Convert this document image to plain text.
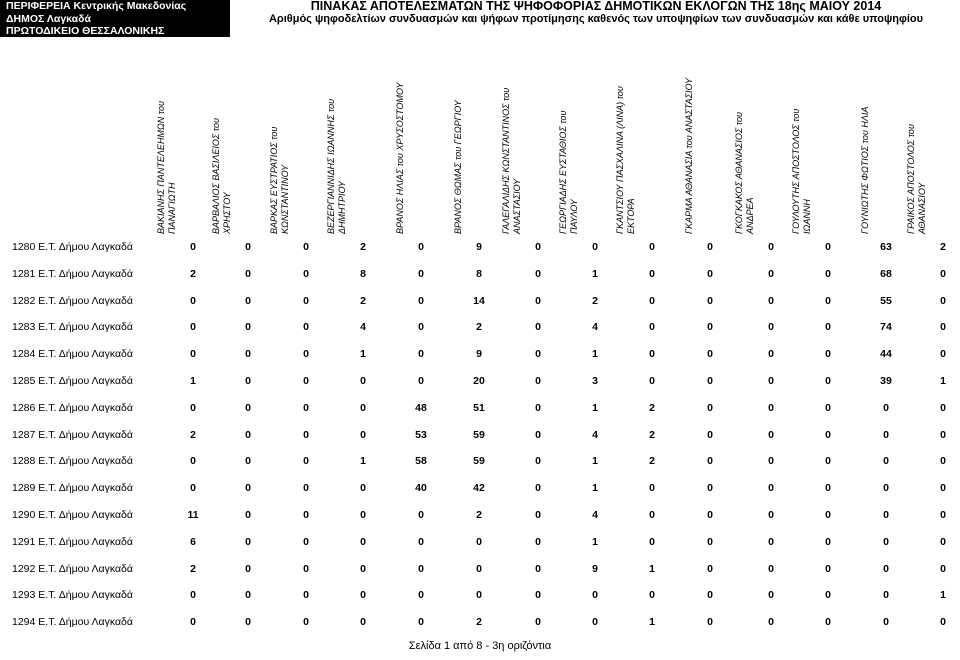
ΠΕΡΙΦΕΡΕΙΑ Κεντρικής Μακεδονίας
ΔΗΜΟΣ Λαγκαδά
ΠΡΩΤΟΔΙΚΕΙΟ ΘΕΣΣΑΛΟΝΙΚΗΣ
ΠΙΝΑΚΑΣ ΑΠΟΤΕΛΕΣΜΑΤΩΝ ΤΗΣ ΨΗΦΟΦΟΡΙΑΣ ΔΗΜΟΤΙΚΩΝ ΕΚΛΟΓΩΝ ΤΗΣ 18ης ΜΑΙΟΥ 2014
Αριθμός ψηφοδελτίων συνδυασμών και ψήφων προτίμησης καθενός των υποψηφίων των συνδυασμών και κάθε υποψηφίου
ΒΑΚΙΑΝΗΣ ΠΑΝΤΕΛΕΗΜΩΝ του ΠΑΝΑΓΙΩΤΗ	ΒΑΡΒΑΛΙΟΣ ΒΑΣΙΛΕΙΟΣ του ΧΡΗΣΤΟΥ	ΒΑΡΚΑΣ ΕΥΣΤΡΑΤΙΟΣ του ΚΩΝΣΤΑΝΤΙΝΟΥ	ΒΕΖΕΡΓΙΑΝΝΙΔΗΣ ΙΩΑΝΝΗΣ του ΔΗΜΗΤΡΙΟΥ	ΒΡΑΝΟΣ ΗΛΙΑΣ του ΧΡΥΣΟΣΤΟΜΟΥ	ΒΡΑΝΟΣ ΘΩΜΑΣ του ΓΕΩΡΓΙΟΥ	ΓΑΛΕΓΑΛΙΔΗΣ ΚΩΝΣΤΑΝΤΙΝΟΣ του ΑΝΑΣΤΑΣΙΟΥ	ΓΕΩΡΓΙΑΔΗΣ ΕΥΣΤΑΘΙΟΣ του ΠΑΥΛΟΥ	ΓΚΑΝΤΣΙΟΥ ΠΑΣΧΑΛΙΝΑ (ΛΙΝΑ) του ΕΚΤΟΡΑ	ΓΚΑΡΜΑ ΑΘΑΝΑΣΙΑ του ΑΝΑΣΤΑΣΙΟΥ	ΓΚΟΓΚΑΚΟΣ ΑΘΑΝΑΣΙΟΣ του ΑΝΔΡΕΑ	ΓΟΥΛΟΥΤΗΣ ΑΠΟΣΤΟΛΟΣ του ΙΩΑΝΝΗ	ΓΟΥΝΙΩΤΗΣ ΦΩΤΙΟΣ του ΗΛΙΑ	ΓΡΑΙΚΟΣ ΑΠΟΣΤΟΛΟΣ του ΑΘΑΝΑΣΙΟΥ
1280 Ε.Τ. Δήμου Λαγκαδά	0	0	0	2	0	9	0	0	0	0	0	0	63	2
1281 Ε.Τ. Δήμου Λαγκαδά	2	0	0	8	0	8	0	1	0	0	0	0	68	0
1282 Ε.Τ. Δήμου Λαγκαδά	0	0	0	2	0	14	0	2	0	0	0	0	55	0
1283 Ε.Τ. Δήμου Λαγκαδά	0	0	0	4	0	2	0	4	0	0	0	0	74	0
1284 Ε.Τ. Δήμου Λαγκαδά	0	0	0	1	0	9	0	1	0	0	0	0	44	0
1285 Ε.Τ. Δήμου Λαγκαδά	1	0	0	0	0	20	0	3	0	0	0	0	39	1
1286 Ε.Τ. Δήμου Λαγκαδά	0	0	0	0	48	51	0	1	2	0	0	0	0	0
1287 Ε.Τ. Δήμου Λαγκαδά	2	0	0	0	53	59	0	4	2	0	0	0	0	0
1288 Ε.Τ. Δήμου Λαγκαδά	0	0	0	1	58	59	0	1	2	0	0	0	0	0
1289 Ε.Τ. Δήμου Λαγκαδά	0	0	0	0	40	42	0	1	0	0	0	0	0	0
1290 Ε.Τ. Δήμου Λαγκαδά	11	0	0	0	0	2	0	4	0	0	0	0	0	0
1291 Ε.Τ. Δήμου Λαγκαδά	6	0	0	0	0	0	0	1	0	0	0	0	0	0
1292 Ε.Τ. Δήμου Λαγκαδά	2	0	0	0	0	0	0	9	1	0	0	0	0	0
1293 Ε.Τ. Δήμου Λαγκαδά	0	0	0	0	0	0	0	0	0	0	0	0	0	1
1294 Ε.Τ. Δήμου Λαγκαδά	0	0	0	0	0	2	0	0	1	0	0	0	0	0
Σελίδα 1 από 8 - 3η οριζόντια
